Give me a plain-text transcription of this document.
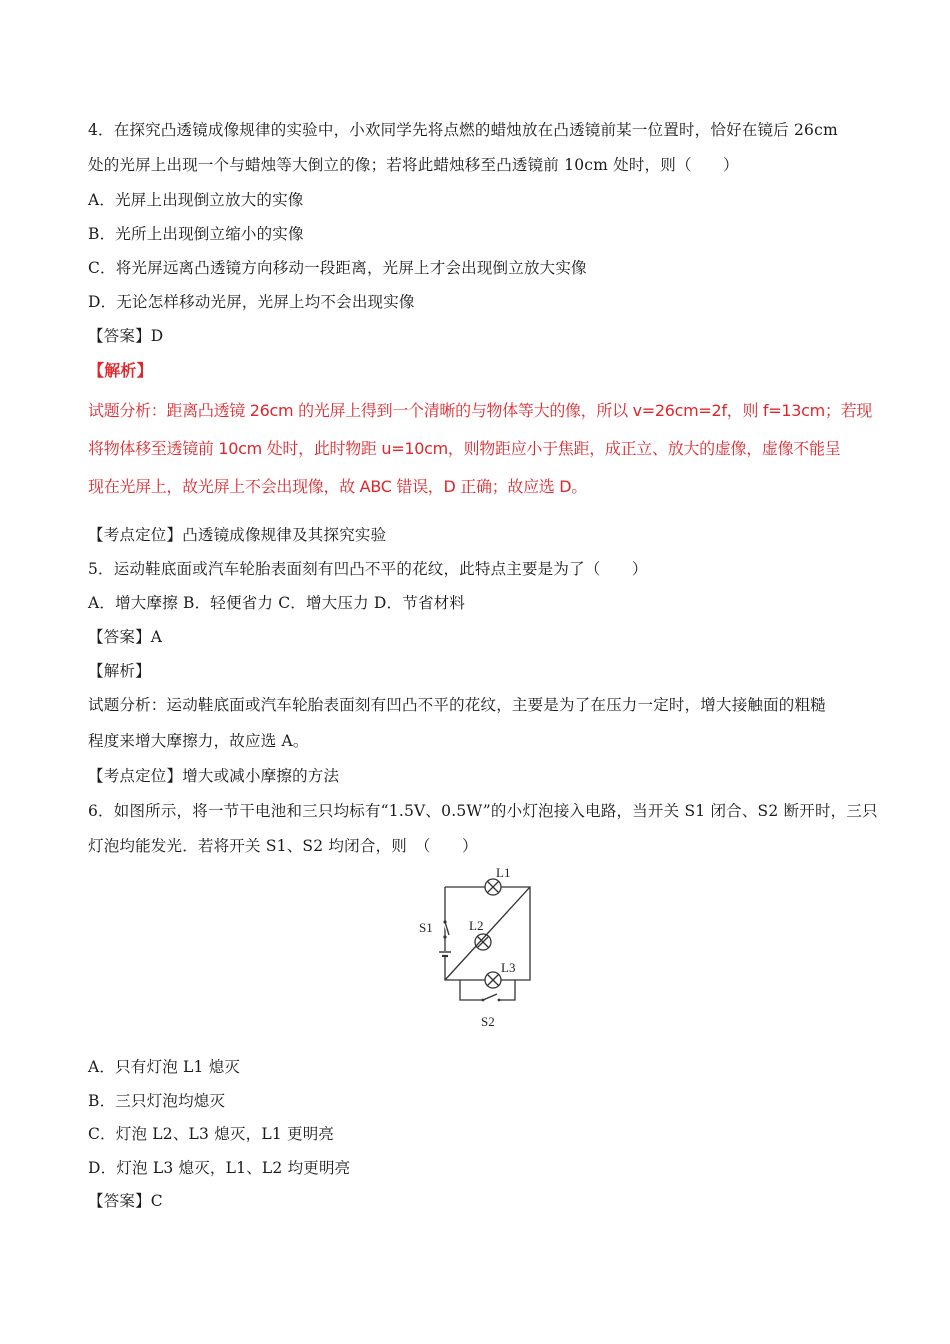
4．在探究凸透镜成像规律的实验中，小欢同学先将点燃的蜡烛放在凸透镜前某一位置时，恰好在镜后 26cm
处的光屏上出现一个与蜡烛等大倒立的像；若将此蜡烛移至凸透镜前 10cm 处时，则（　　）
A．光屏上出现倒立放大的实像
B．光所上出现倒立缩小的实像
C．将光屏远离凸透镜方向移动一段距离，光屏上才会出现倒立放大实像
D．无论怎样移动光屏，光屏上均不会出现实像
【答案】D
【解析】
试题分析：距离凸透镜 26cm 的光屏上得到一个清晰的与物体等大的像，所以 v=26cm=2f，则 f=13cm；若现
将物体移至透镜前 10cm 处时，此时物距 u=10cm，则物距应小于焦距，成正立、放大的虚像，虚像不能呈
现在光屏上，故光屏上不会出现像，故 ABC 错误，D 正确；故应选 D。
【考点定位】凸透镜成像规律及其探究实验
5．运动鞋底面或汽车轮胎表面刻有凹凸不平的花纹，此特点主要是为了（　　）
A．增大摩擦 B．轻便省力 C．增大压力 D．节省材料
【答案】A
【解析】
试题分析：运动鞋底面或汽车轮胎表面刻有凹凸不平的花纹，主要是为了在压力一定时，增大接触面的粗糙
程度来增大摩擦力，故应选 A。
【考点定位】增大或减小摩擦的方法
6．如图所示，将一节干电池和三只均标有“1.5V、0.5W”的小灯泡接入电路，当开关 S1 闭合、S2 断开时，三只
灯泡均能发光．若将开关 S1、S2 均闭合，则　（　　）
L1
L2
L3
S1
S2
A．只有灯泡 L1 熄灭
B．三只灯泡均熄灭
C．灯泡 L2、L3 熄灭，L1 更明亮
D．灯泡 L3 熄灭，L1、L2 均更明亮
【答案】C
